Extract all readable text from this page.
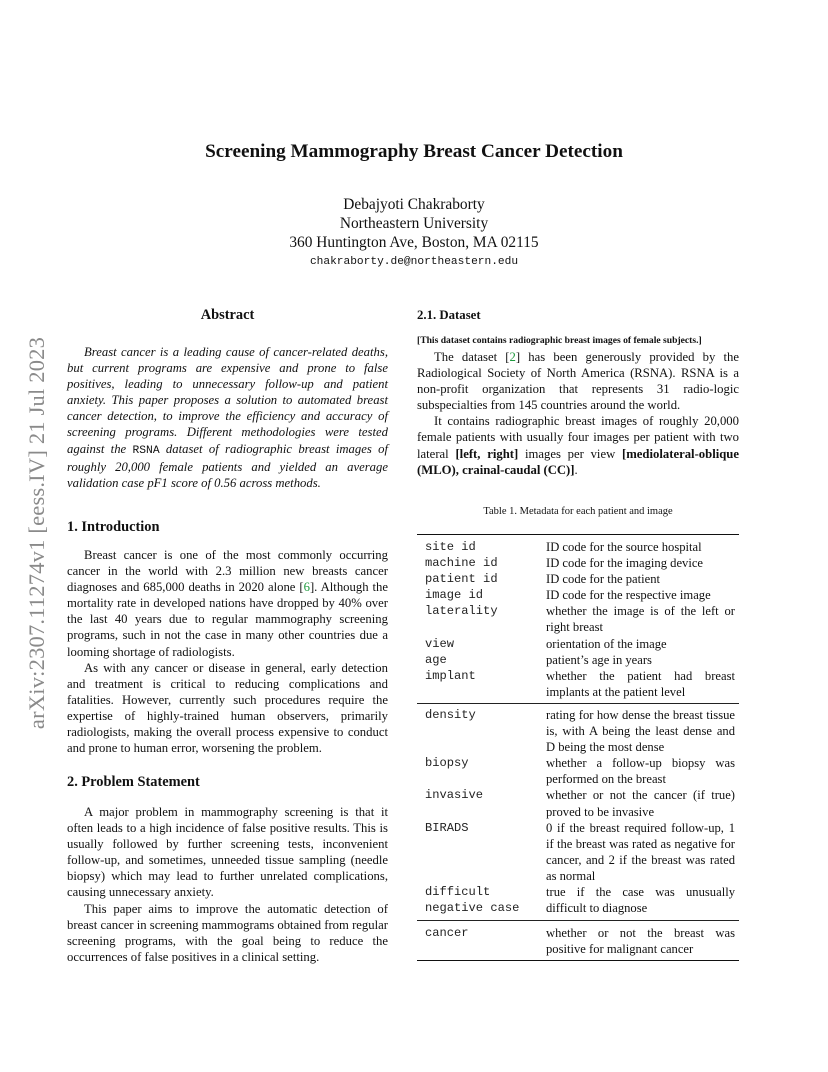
arXiv:2307.11274v1 [eess.IV] 21 Jul 2023
Screening Mammography Breast Cancer Detection
Debajyoti Chakraborty
Northeastern University
360 Huntington Ave, Boston, MA 02115
chakraborty.de@northeastern.edu
Abstract
Breast cancer is a leading cause of cancer-related deaths, but current programs are expensive and prone to false positives, leading to unnecessary follow-up and patient anxiety. This paper proposes a solution to automated breast cancer detection, to improve the efficiency and accuracy of screening programs. Different methodologies were tested against the RSNA dataset of radiographic breast images of roughly 20,000 female patients and yielded an average validation case pF1 score of 0.56 across methods.
1. Introduction
Breast cancer is one of the most commonly occurring cancer in the world with 2.3 million new breasts cancer diagnoses and 685,000 deaths in 2020 alone [6]. Although the mortality rate in developed nations have dropped by 40% over the last 40 years due to regular mammography screening programs, such in not the case in many other countries due a looming shortage of radiologists.
As with any cancer or disease in general, early detection and treatment is critical to reducing complications and fatalities. However, currently such procedures require the expertise of highly-trained human observers, primarily radiologists, making the overall process expensive to conduct and prone to human error, worsening the problem.
2. Problem Statement
A major problem in mammography screening is that it often leads to a high incidence of false positive results. This is usually followed by further screening tests, inconvenient follow-up, and sometimes, unneeded tissue sampling (needle biopsy) which may lead to further unrelated complications, causing unnecessary anxiety.
This paper aims to improve the automatic detection of breast cancer in screening mammograms obtained from regular screening programs, with the goal being to reduce the occurrences of false positives in a clinical setting.
2.1. Dataset
[This dataset contains radiographic breast images of female subjects.]
The dataset [2] has been generously provided by the Radiological Society of North America (RSNA). RSNA is a non-profit organization that represents 31 radio-logic subspecialties from 145 countries around the world.
It contains radiographic breast images of roughly 20,000 female patients with usually four images per patient with two lateral [left, right] images per view [mediolateral-oblique (MLO), crainal-caudal (CC)].
Table 1. Metadata for each patient and image
site id	ID code for the source hospital
machine id	ID code for the imaging device
patient id	ID code for the patient
image id	ID code for the respective image
laterality	whether the image is of the left or right breast
view	orientation of the image
age	patient’s age in years
implant	whether the patient had breast implants at the patient level
density	rating for how dense the breast tissue is, with A being the least dense and D being the most dense
biopsy	whether a follow-up biopsy was performed on the breast
invasive	whether or not the cancer (if true) proved to be invasive
BIRADS	0 if the breast required follow-up, 1 if the breast was rated as negative for cancer, and 2 if the breast was rated as normal
difficult
negative case	true if the case was unusually difficult to diagnose
cancer	whether or not the breast was positive for malignant cancer
